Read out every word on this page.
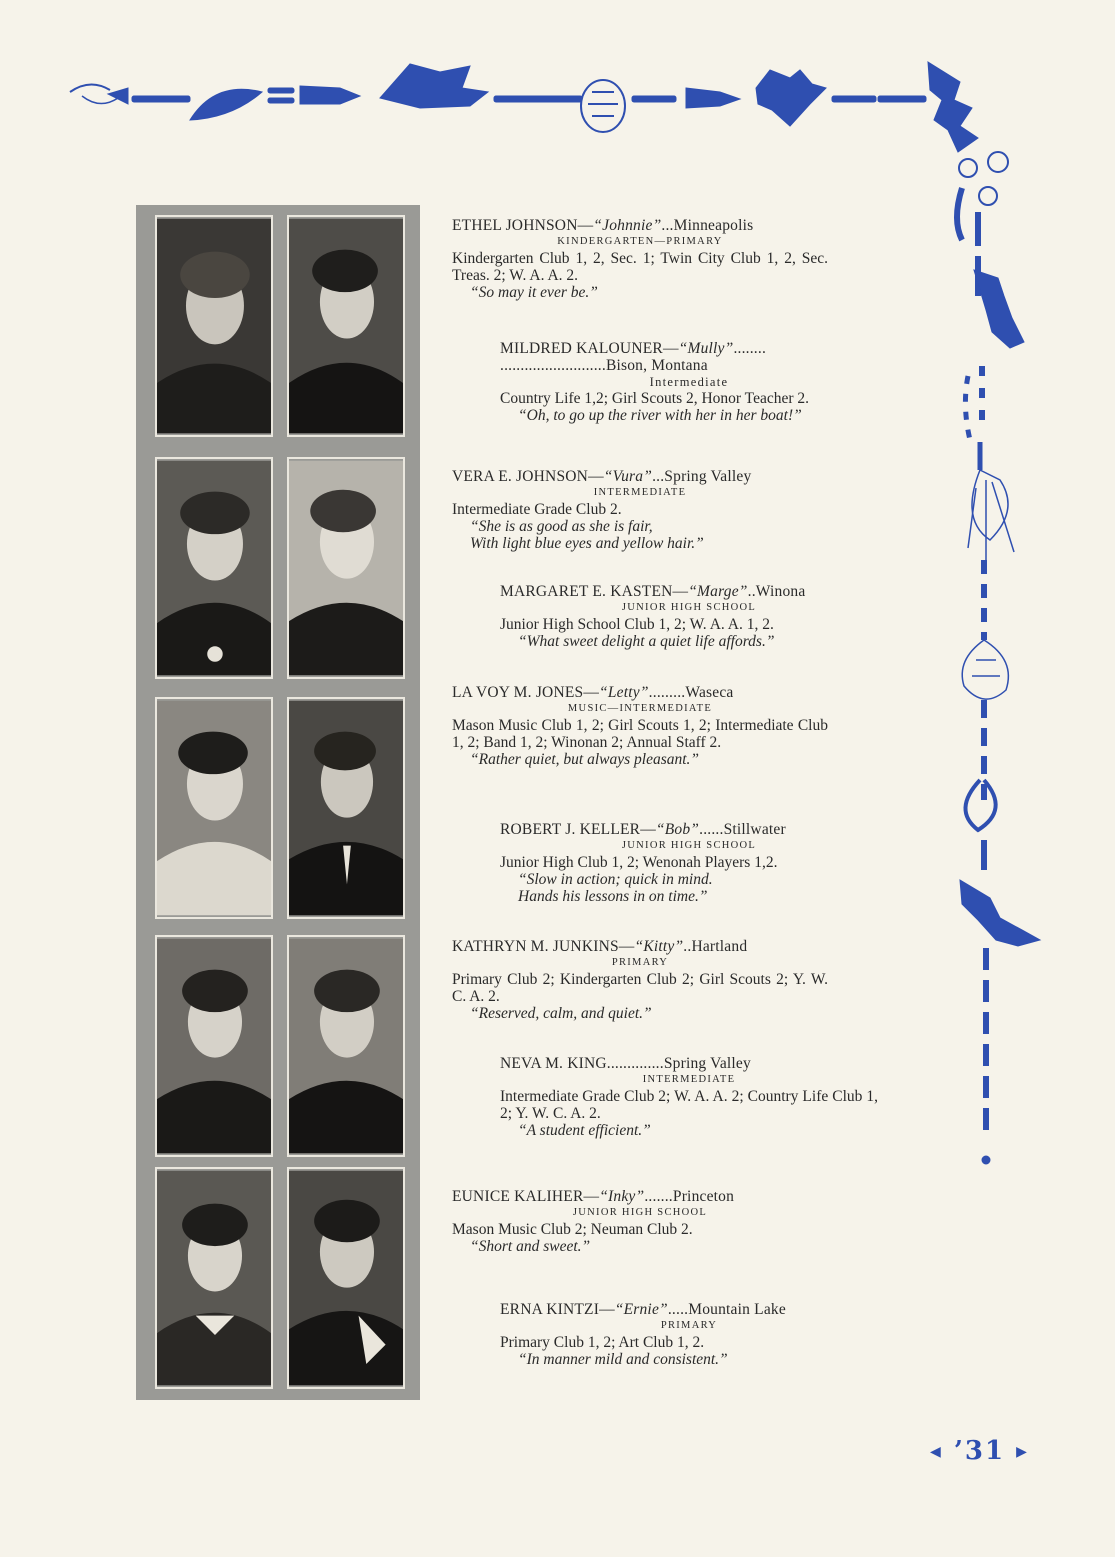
ETHEL JOHNSON—“Johnnie”...Minneapolis
KINDERGARTEN—PRIMARY
Kindergarten Club 1, 2, Sec. 1; Twin City Club 1, 2, Sec. Treas. 2; W. A. A. 2.
“So may it ever be.”
MILDRED KALOUNER—“Mully”........
..........................Bison, Montana
Intermediate
Country Life 1,2; Girl Scouts 2, Honor Teacher 2.
“Oh, to go up the river with her in her boat!”
VERA E. JOHNSON—“Vura”...Spring Valley
INTERMEDIATE
Intermediate Grade Club 2.
“She is as good as she is fair,
With light blue eyes and yellow hair.”
MARGARET E. KASTEN—“Marge”..Winona
JUNIOR HIGH SCHOOL
Junior High School Club 1, 2; W. A. A. 1, 2.
“What sweet delight a quiet life affords.”
LA VOY M. JONES—“Letty”.........Waseca
MUSIC—INTERMEDIATE
Mason Music Club 1, 2; Girl Scouts 1, 2; Intermediate Club 1, 2; Band 1, 2; Winonan 2; Annual Staff 2.
“Rather quiet, but always pleasant.”
ROBERT J. KELLER—“Bob”......Stillwater
JUNIOR HIGH SCHOOL
Junior High Club 1, 2; Wenonah Players 1,2.
“Slow in action; quick in mind.
Hands his lessons in on time.”
KATHRYN M. JUNKINS—“Kitty”..Hartland
PRIMARY
Primary Club 2; Kindergarten Club 2; Girl Scouts 2; Y. W. C. A. 2.
“Reserved, calm, and quiet.”
NEVA M. KING..............Spring Valley
INTERMEDIATE
Intermediate Grade Club 2; W. A. A. 2; Country Life Club 1, 2; Y. W. C. A. 2.
“A student efficient.”
EUNICE KALIHER—“Inky”.......Princeton
JUNIOR HIGH SCHOOL
Mason Music Club 2; Neuman Club 2.
“Short and sweet.”
ERNA KINTZI—“Ernie”.....Mountain Lake
PRIMARY
Primary Club 1, 2; Art Club 1, 2.
“In manner mild and consistent.”
◀ ’31 ▶
